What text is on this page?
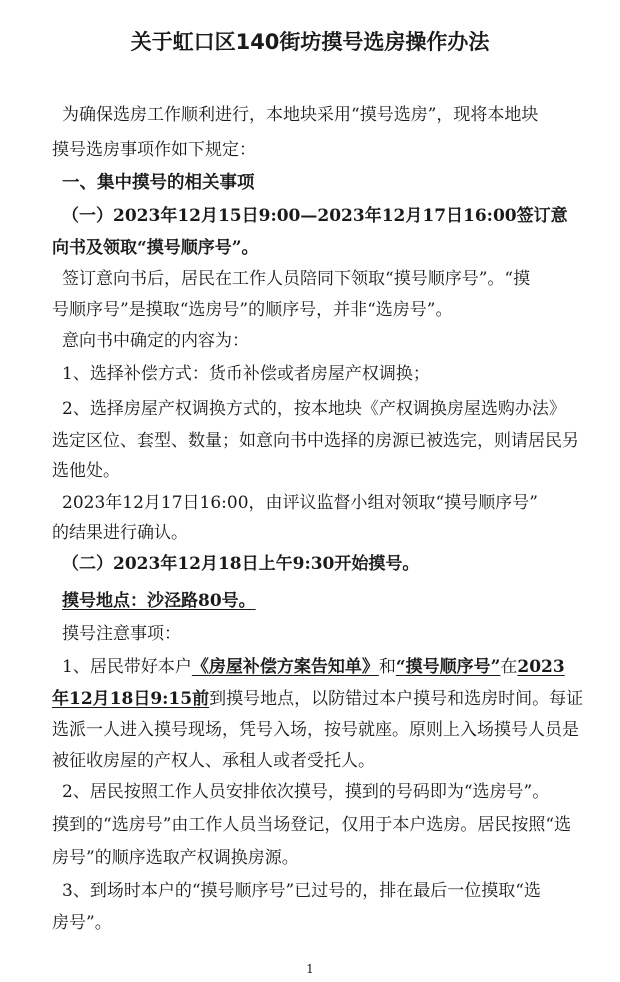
关于虹口区140街坊摸号选房操作办法
为确保选房工作顺利进行，本地块采用“摸号选房”，现将本地块
摸号选房事项作如下规定：
一、集中摸号的相关事项
（一）2023年12月15日9:00—2023年12月17日16:00签订意
向书及领取“摸号顺序号”。
签订意向书后，居民在工作人员陪同下领取“摸号顺序号”。“摸
号顺序号”是摸取“选房号”的顺序号，并非“选房号”。
意向书中确定的内容为：
1、选择补偿方式：货币补偿或者房屋产权调换；
2、选择房屋产权调换方式的，按本地块《产权调换房屋选购办法》
选定区位、套型、数量；如意向书中选择的房源已被选完，则请居民另
选他处。
2023年12月17日16:00，由评议监督小组对领取“摸号顺序号”
的结果进行确认。
（二）2023年12月18日上午9:30开始摸号。
摸号地点：沙泾路80号。
摸号注意事项：
1、居民带好本户《房屋补偿方案告知单》和“摸号顺序号”在2023
年12月18日9:15前到摸号地点，以防错过本户摸号和选房时间。每证
选派一人进入摸号现场，凭号入场，按号就座。原则上入场摸号人员是
被征收房屋的产权人、承租人或者受托人。
2、居民按照工作人员安排依次摸号，摸到的号码即为“选房号”。
摸到的“选房号”由工作人员当场登记，仅用于本户选房。居民按照“选
房号”的顺序选取产权调换房源。
3、到场时本户的“摸号顺序号”已过号的，排在最后一位摸取“选
房号”。
1
